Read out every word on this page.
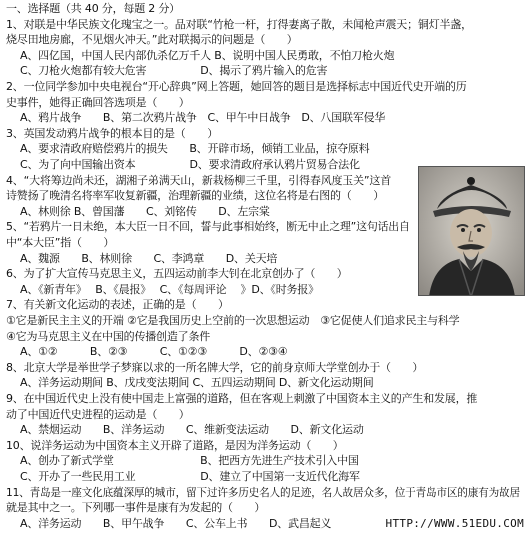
一、选择题（共 40 分，每题 2 分）
1、对联是中华民族文化瑰宝之一。品对联“竹枪一杆，打得妻离子散，未闻枪声震天；铜灯半盏，
烧尽田地房廊，不见烟火冲天。”此对联揭示的问题是（　　）
A、四亿国，中国人民内部仇杀亿万千人 B、说明中国人民勇敢，不怕刀枪火炮
C、刀枪火炮都有较大危害　　　　　D、揭示了鸦片输入的危害
2、一位同学参加中央电视台“开心辞典”网上答题，她回答的题目是选择标志中国近代史开端的历
史事件，她得正确回答选项是（　　）
A、鸦片战争　　B、第二次鸦片战争　C、甲午中日战争　D、八国联军侵华
3、英国发动鸦片战争的根本目的是（　　）
A、要求清政府赔偿鸦片的损失　　B、开辟市场，倾销工业品，掠夺原料
C、为了向中国输出资本　　　　　D、要求清政府承认鸦片贸易合法化
4、“大将筹边尚未还，湖湘子弟满天山，新栽杨柳三千里，引得春风度玉关”这首
诗赞扬了晚清名将率军收复新疆，治理新疆的业绩，这位名将是右图的（　　）
A、林则徐 B、曾国藩　　C、刘铭传　　D、左宗棠
5、“若鸦片一日未绝，本大臣一日不回，誓与此事相始终，断无中止之理”这句话出自
中“本大臣”指（　　）
A、魏源　　B、林则徐　　C、李鸿章　　D、关天培
6、为了扩大宣传马克思主义，五四运动前李大钊在北京创办了（　　）
A、《新青年》　 B、《晨报》　 C、《每周评论　 》D、《时务报》
7、有关新文化运动的表述，正确的是（　　）
①它是新民主主义的开端 ②它是我国历史上空前的一次思想运动　③它促使人们追求民主与科学
④它为马克思主义在中国的传播创造了条件
A、①②　　　B、②③　　　C、①②③　　　D、②③④
8、北京大学是举世学子梦寐以求的一所名牌大学，它的前身京师大学堂创办于（　　）
A、洋务运动期间 B、戊戌变法期间 C、五四运动期间 D、新文化运动期间
9、在中国近代史上没有使中国走上富强的道路，但在客观上刺激了中国资本主义的产生和发展，推
动了中国近代史进程的运动是（　　）
A、禁烟运动　　B、洋务运动　　C、维新变法运动　　D、新文化运动
10、说洋务运动为中国资本主义开辟了道路，是因为洋务运动（　　）
A、创办了新式学堂　　　　　　　　B、把西方先进生产技术引入中国
C、开办了一些民用工业　　　　　　D、建立了中国第一支近代化海军
11、青岛是一座文化底蕴深厚的城市，留下过许多历史名人的足迹，名人故居众多，位于青岛市区的康有为故居
就是其中之一。下列哪一事件是康有为发起的（　　）
A、洋务运动　　B、甲午战争　　C、公车上书　　D、武昌起义	HTTP://WWW.51EDU.COM
